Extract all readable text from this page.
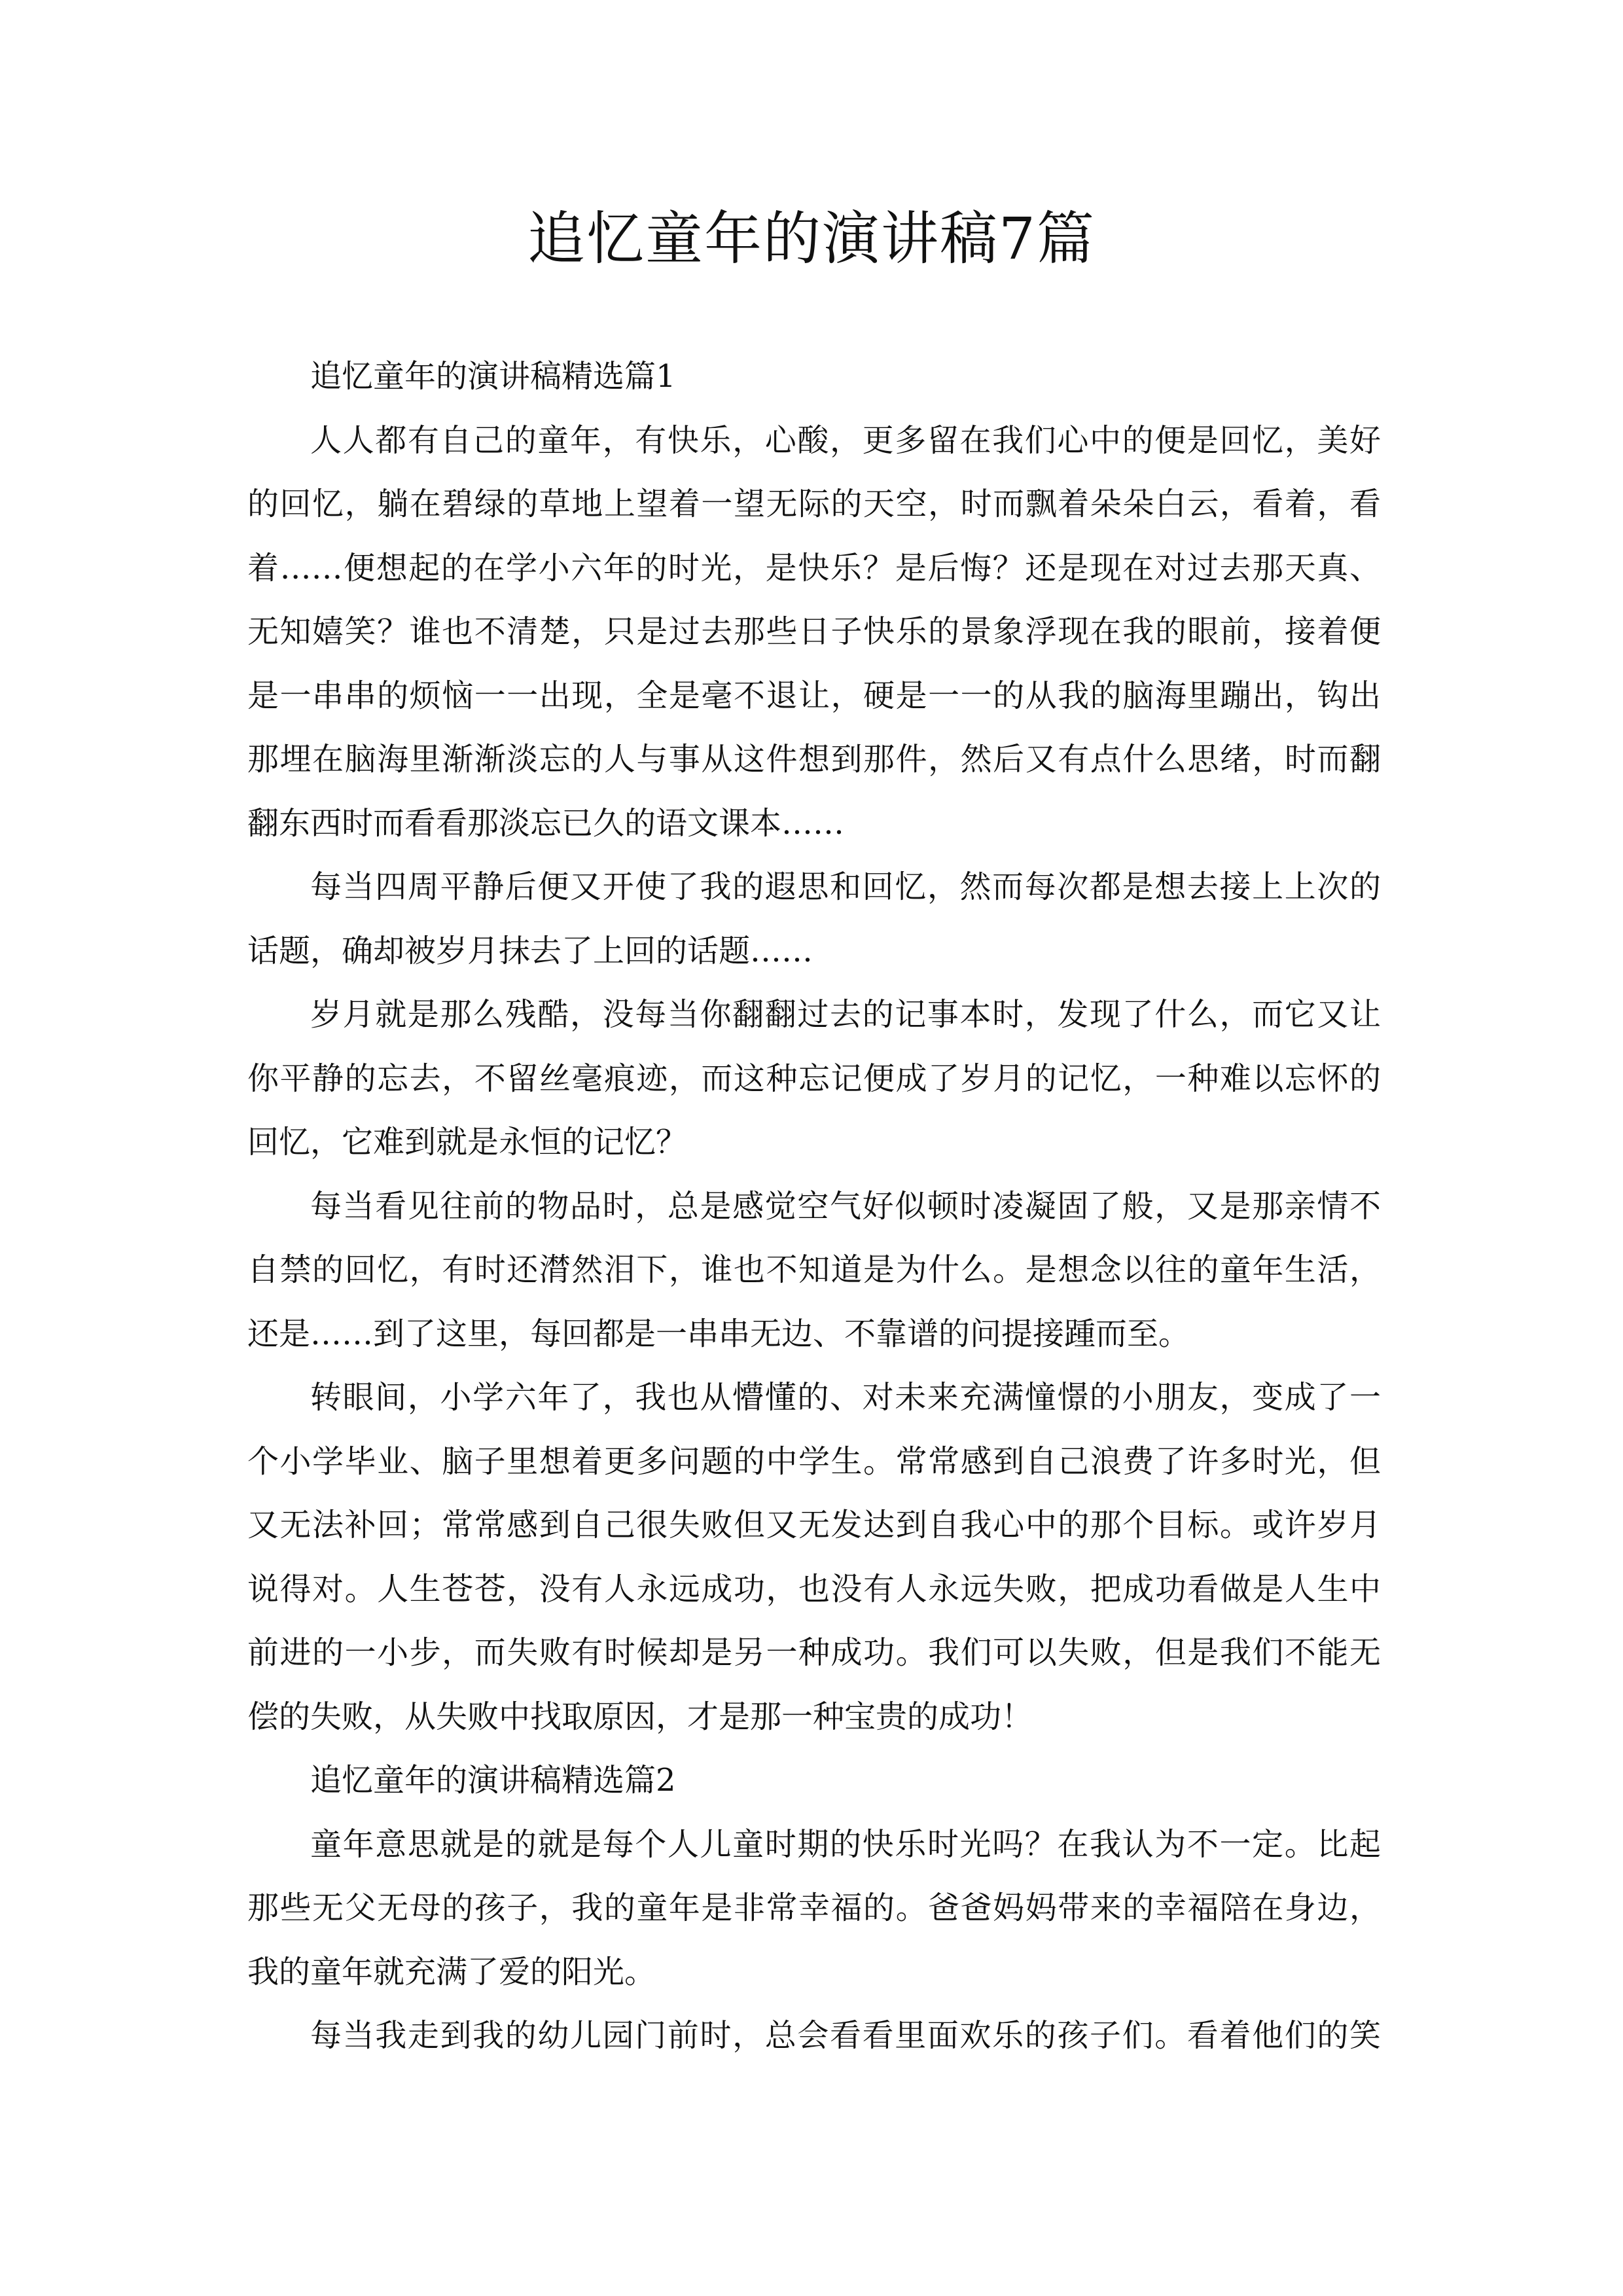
追忆童年的演讲稿7篇
追忆童年的演讲稿精选篇1
人人都有自己的童年，有快乐，心酸，更多留在我们心中的便是回忆，美好
的回忆，躺在碧绿的草地上望着一望无际的天空，时而飘着朵朵白云，看着，看
着……便想起的在学小六年的时光，是快乐？是后悔？还是现在对过去那天真、
无知嬉笑？谁也不清楚，只是过去那些日子快乐的景象浮现在我的眼前，接着便
是一串串的烦恼一一出现，全是毫不退让，硬是一一的从我的脑海里蹦出，钩出
那埋在脑海里渐渐淡忘的人与事从这件想到那件，然后又有点什么思绪，时而翻
翻东西时而看看那淡忘已久的语文课本……
每当四周平静后便又开使了我的遐思和回忆，然而每次都是想去接上上次的
话题，确却被岁月抹去了上回的话题……
岁月就是那么残酷，没每当你翻翻过去的记事本时，发现了什么，而它又让
你平静的忘去，不留丝毫痕迹，而这种忘记便成了岁月的记忆，一种难以忘怀的
回忆，它难到就是永恒的记忆？
每当看见往前的物品时，总是感觉空气好似顿时凌凝固了般，又是那亲情不
自禁的回忆，有时还潸然泪下，谁也不知道是为什么。是想念以往的童年生活，
还是……到了这里，每回都是一串串无边、不靠谱的问提接踵而至。
转眼间，小学六年了，我也从懵懂的、对未来充满憧憬的小朋友，变成了一
个小学毕业、脑子里想着更多问题的中学生。常常感到自己浪费了许多时光，但
又无法补回；常常感到自己很失败但又无发达到自我心中的那个目标。或许岁月
说得对。人生苍苍，没有人永远成功，也没有人永远失败，把成功看做是人生中
前进的一小步，而失败有时候却是另一种成功。我们可以失败，但是我们不能无
偿的失败，从失败中找取原因，才是那一种宝贵的成功！
追忆童年的演讲稿精选篇2
童年意思就是的就是每个人儿童时期的快乐时光吗？在我认为不一定。比起
那些无父无母的孩子，我的童年是非常幸福的。爸爸妈妈带来的幸福陪在身边，
我的童年就充满了爱的阳光。
每当我走到我的幼儿园门前时，总会看看里面欢乐的孩子们。看着他们的笑
